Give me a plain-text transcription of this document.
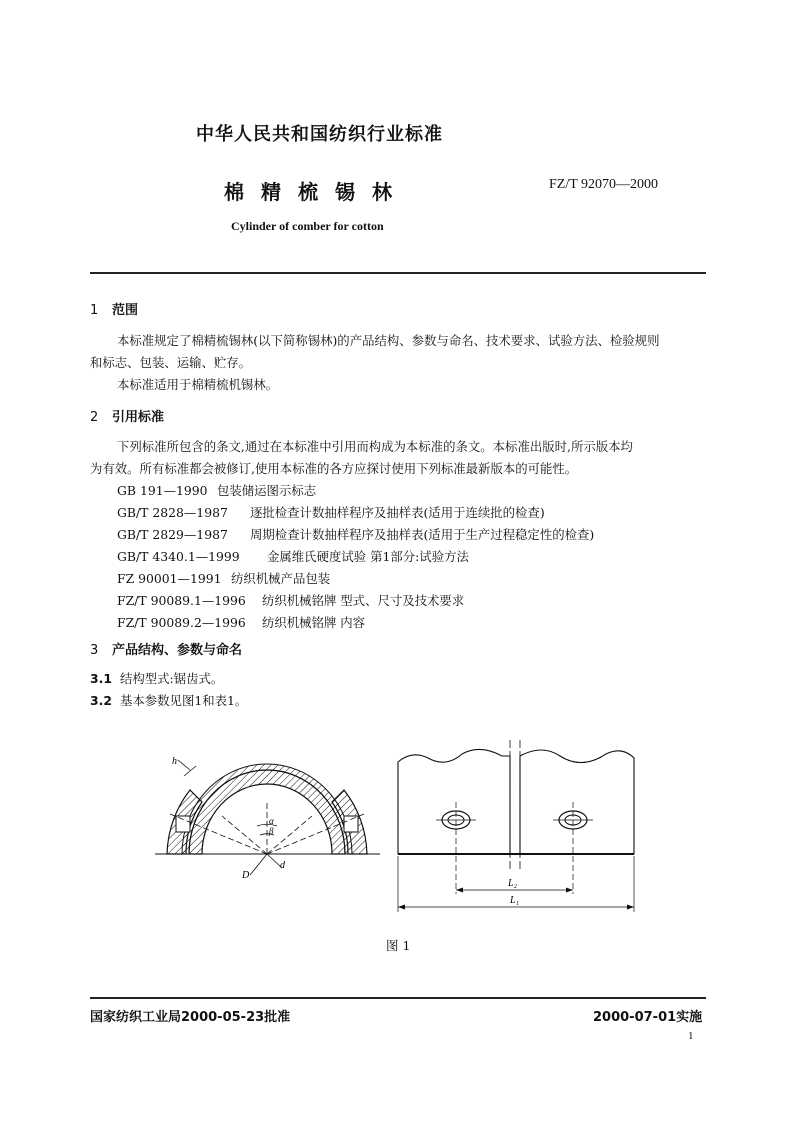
中华人民共和国纺织行业标准
棉精梳锡林	FZ/T 92070—2000
Cylinder of comber for cotton
1 范围
本标准规定了棉精梳锡林(以下简称锡林)的产品结构、参数与命名、技术要求、试验方法、检验规则
和标志、包装、运输、贮存。
本标准适用于棉精梳机锡林。
2 引用标准
下列标准所包含的条文,通过在本标准中引用而构成为本标准的条文。本标准出版时,所示版本均
为有效。所有标准都会被修订,使用本标准的各方应探讨使用下列标准最新版本的可能性。
GB 191—1990 包装储运图示标志
GB/T 2828—1987 逐批检查计数抽样程序及抽样表(适用于连续批的检查)
GB/T 2829—1987 周期检查计数抽样程序及抽样表(适用于生产过程稳定性的检查)
GB/T 4340.1—1999 金属维氏硬度试验 第1部分:试验方法
FZ 90001—1991 纺织机械产品包装
FZ/T 90089.1—1996 纺织机械铭牌 型式、尺寸及技术要求
FZ/T 90089.2—1996 纺织机械铭牌 内容
3 产品结构、参数与命名
3.1 结构型式:锯齿式。
3.2 基本参数见图1和表1。
h
α
β
D
d
L₂
L₁
图 1
国家纺织工业局2000-05-23批准	2000-07-01实施
1
